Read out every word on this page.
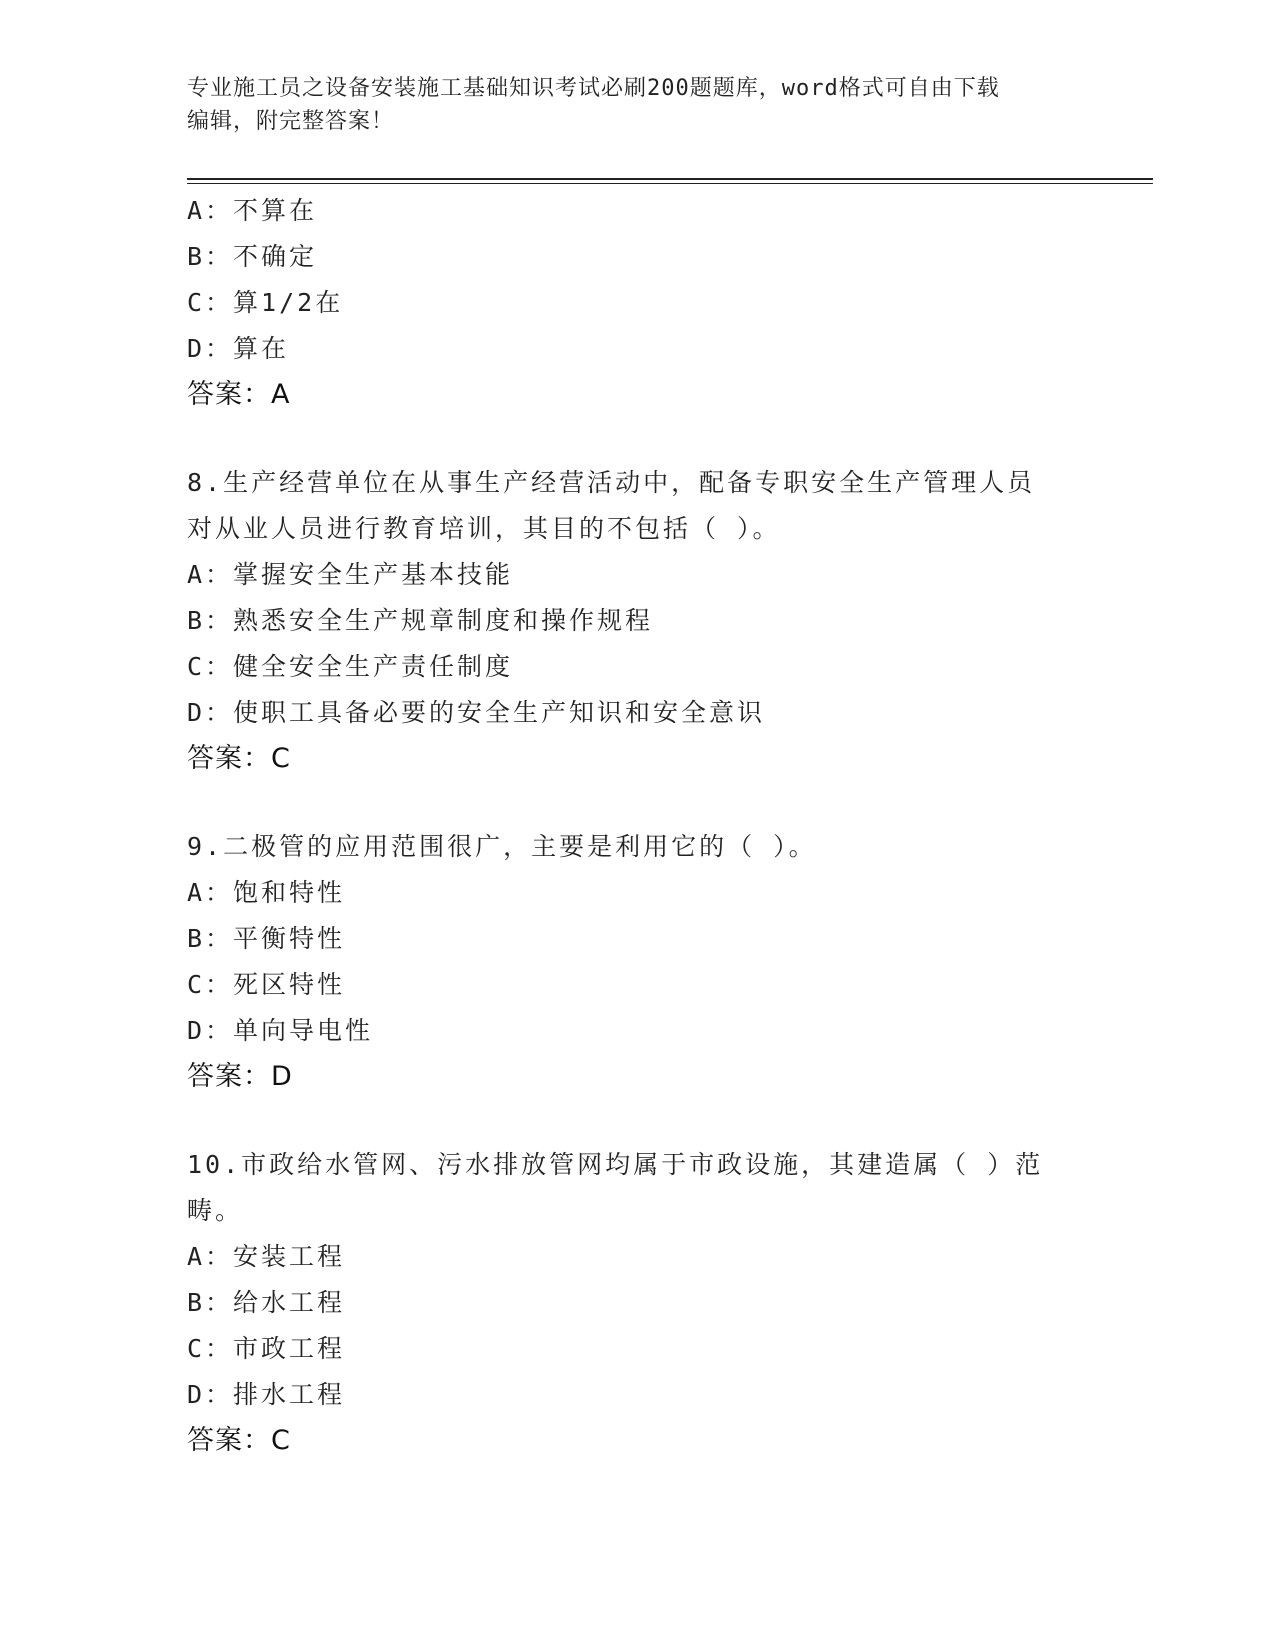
专业施工员之设备安装施工基础知识考试必刷200题题库，word格式可自由下载
编辑，附完整答案！
A：不算在
B：不确定
C：算1/2在
D：算在
答案：A
8.生产经营单位在从事生产经营活动中，配备专职安全生产管理人员
对从业人员进行教育培训，其目的不包括（ ）。
A：掌握安全生产基本技能
B：熟悉安全生产规章制度和操作规程
C：健全安全生产责任制度
D：使职工具备必要的安全生产知识和安全意识
答案：C
9.二极管的应用范围很广，主要是利用它的（ ）。
A：饱和特性
B：平衡特性
C：死区特性
D：单向导电性
答案：D
10.市政给水管网、污水排放管网均属于市政设施，其建造属（ ）范
畴。
A：安装工程
B：给水工程
C：市政工程
D：排水工程
答案：C
